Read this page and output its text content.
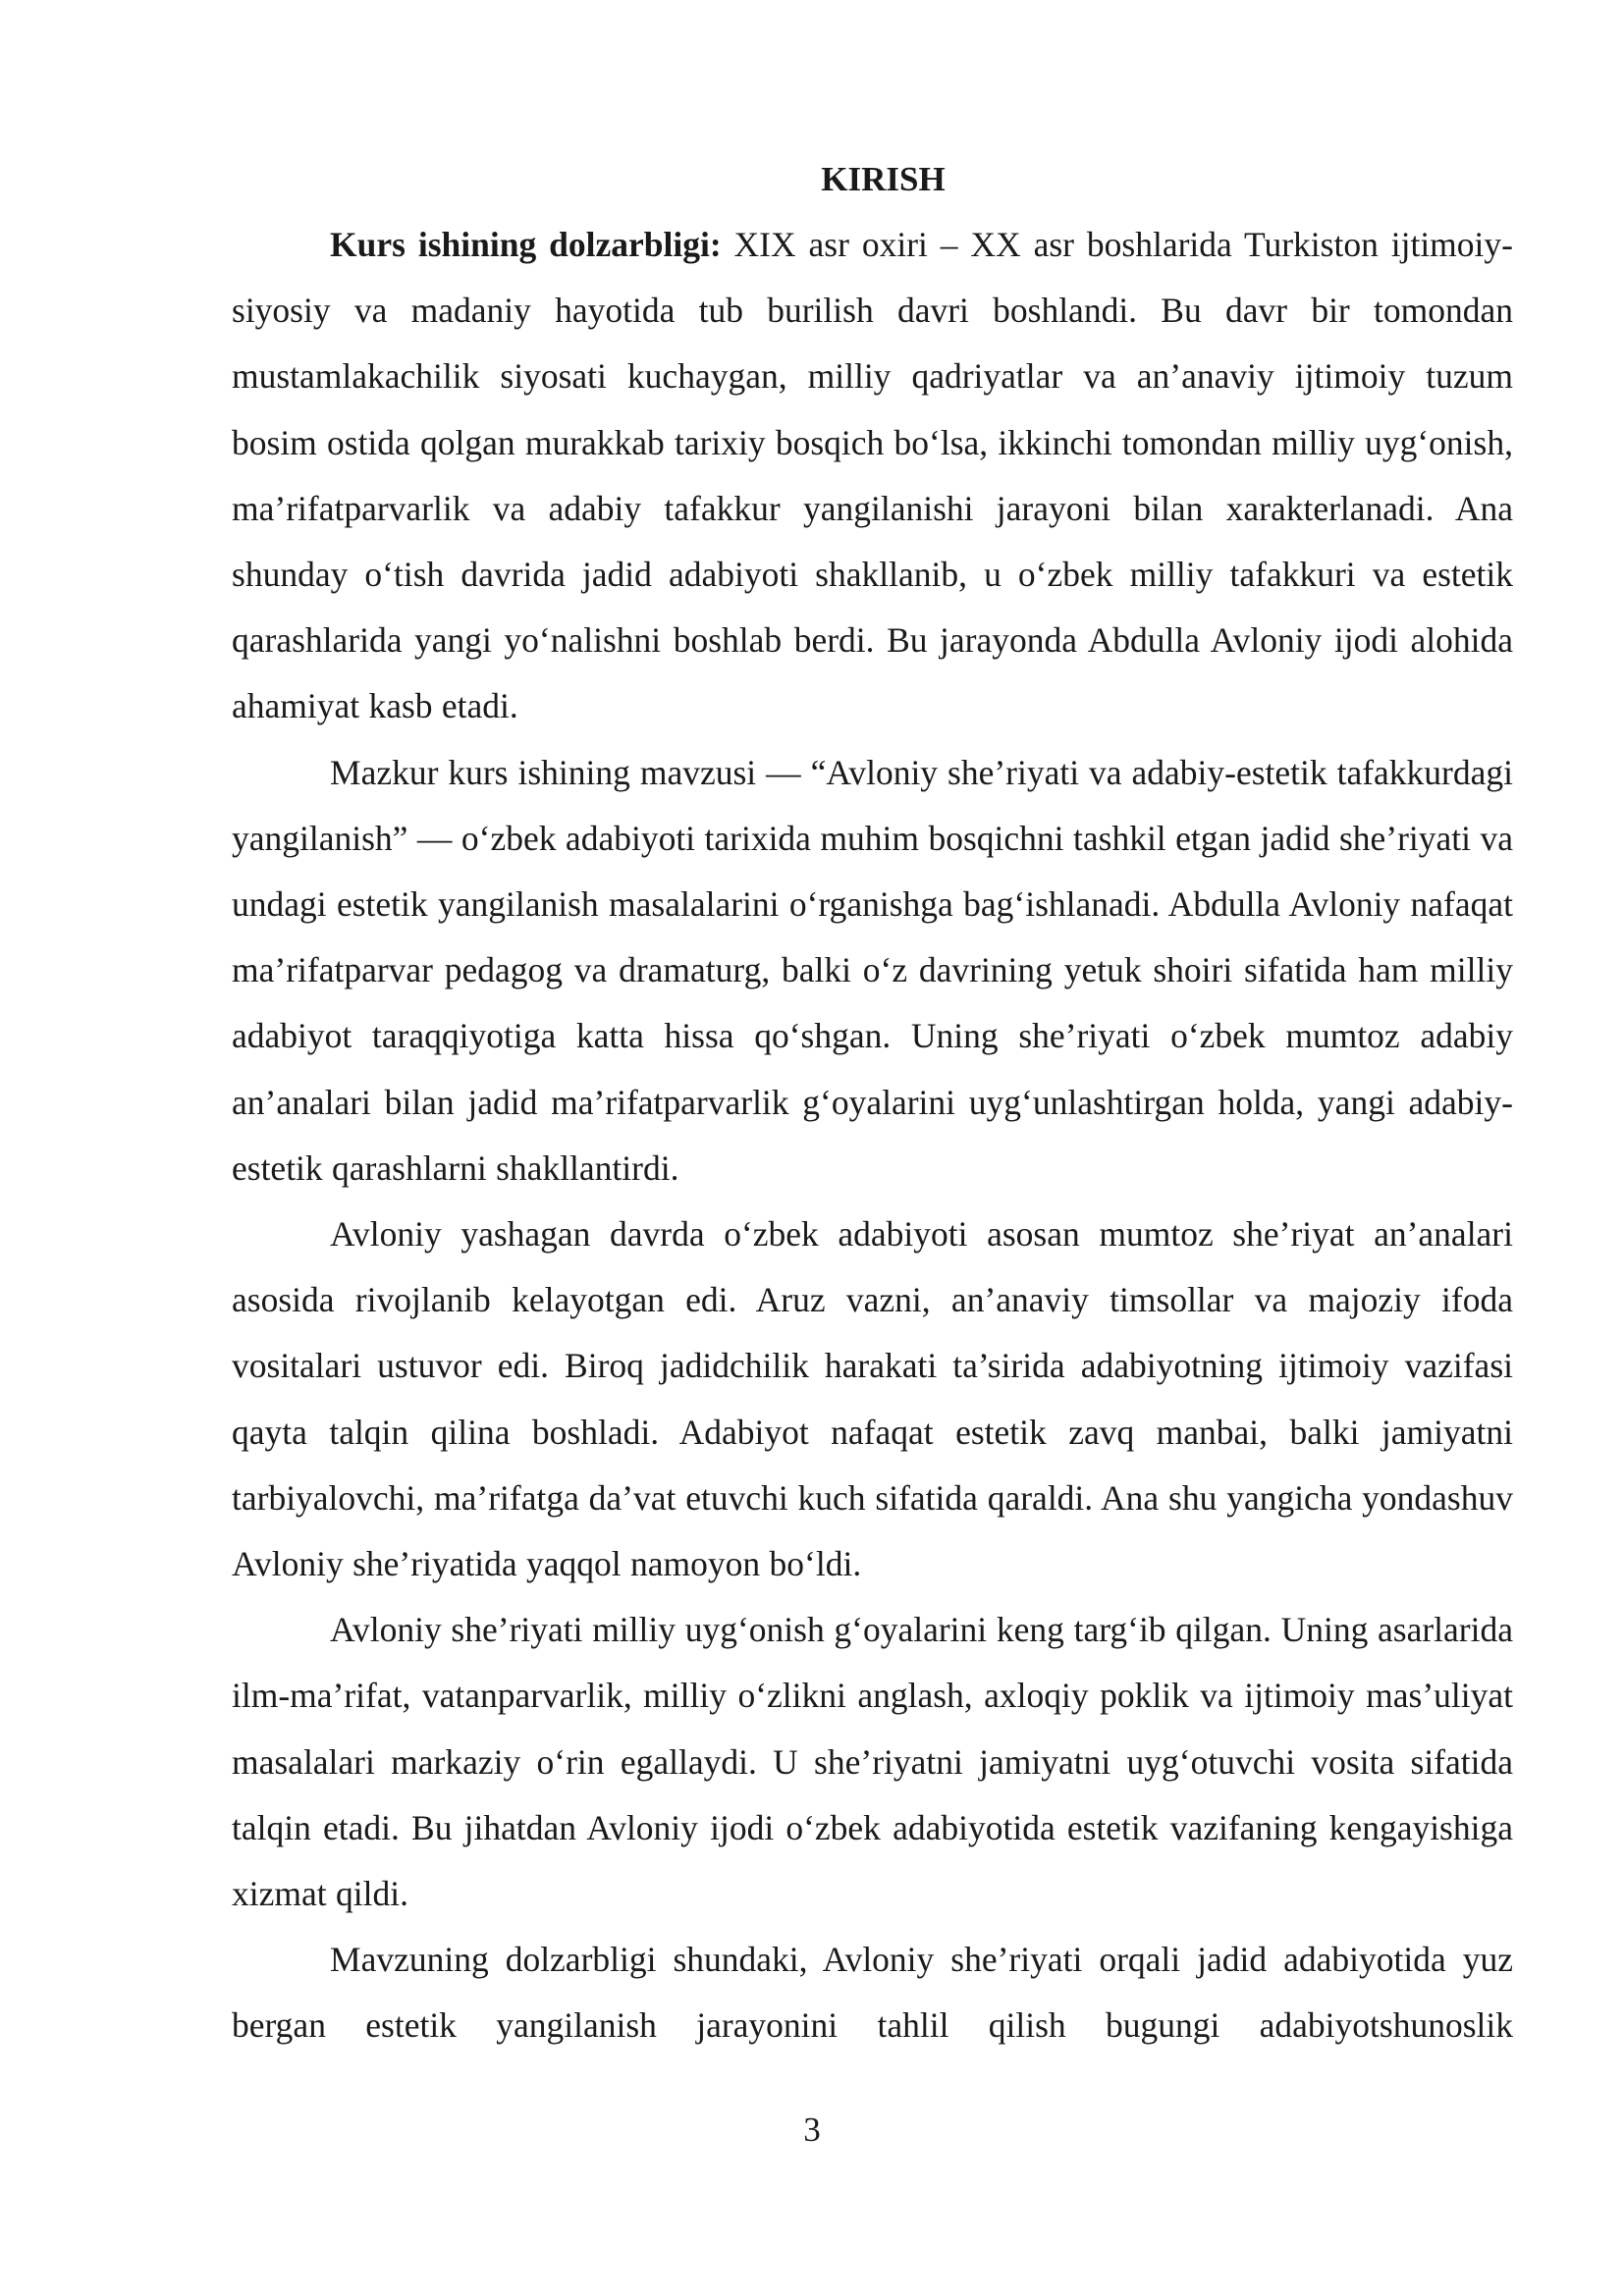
KIRISH

Kurs ishining dolzarbligi: XIX asr oxiri – XX asr boshlarida Turkiston ijtimoiy-siyosiy va madaniy hayotida tub burilish davri boshlandi. Bu davr bir tomondan mustamlakachilik siyosati kuchaygan, milliy qadriyatlar va an’anaviy ijtimoiy tuzum bosim ostida qolgan murakkab tarixiy bosqich bo‘lsa, ikkinchi tomondan milliy uyg‘onish, ma’rifatparvarlik va adabiy tafakkur yangilanishi jarayoni bilan xarakterlanadi. Ana shunday o‘tish davrida jadid adabiyoti shakllanib, u o‘zbek milliy tafakkuri va estetik qarashlarida yangi yo‘nalishni boshlab berdi. Bu jarayonda Abdulla Avloniy ijodi alohida ahamiyat kasb etadi.

Mazkur kurs ishining mavzusi — “Avloniy she’riyati va adabiy-estetik tafakkurdagi yangilanish” — o‘zbek adabiyoti tarixida muhim bosqichni tashkil etgan jadid she’riyati va undagi estetik yangilanish masalalarini o‘rganishga bag‘ishlanadi. Abdulla Avloniy nafaqat ma’rifatparvar pedagog va dramaturg, balki o‘z davrining yetuk shoiri sifatida ham milliy adabiyot taraqqiyotiga katta hissa qo‘shgan. Uning she’riyati o‘zbek mumtoz adabiy an’analari bilan jadid ma’rifatparvarlik g‘oyalarini uyg‘unlashtirgan holda, yangi adabiy-estetik qarashlarni shakllantirdi.

Avloniy yashagan davrda o‘zbek adabiyoti asosan mumtoz she’riyat an’analari asosida rivojlanib kelayotgan edi. Aruz vazni, an’anaviy timsollar va majoziy ifoda vositalari ustuvor edi. Biroq jadidchilik harakati ta’sirida adabiyotning ijtimoiy vazifasi qayta talqin qilina boshladi. Adabiyot nafaqat estetik zavq manbai, balki jamiyatni tarbiyalovchi, ma’rifatga da’vat etuvchi kuch sifatida qaraldi. Ana shu yangicha yondashuv Avloniy she’riyatida yaqqol namoyon bo‘ldi.

Avloniy she’riyati milliy uyg‘onish g‘oyalarini keng targ‘ib qilgan. Uning asarlarida ilm-ma’rifat, vatanparvarlik, milliy o‘zlikni anglash, axloqiy poklik va ijtimoiy mas’uliyat masalalari markaziy o‘rin egallaydi. U she’riyatni jamiyatni uyg‘otuvchi vosita sifatida talqin etadi. Bu jihatdan Avloniy ijodi o‘zbek adabiyotida estetik vazifaning kengayishiga xizmat qildi.

Mavzuning dolzarbligi shundaki, Avloniy she’riyati orqali jadid adabiyotida yuz bergan estetik yangilanish jarayonini tahlil qilish bugungi adabiyotshunoslik

3
